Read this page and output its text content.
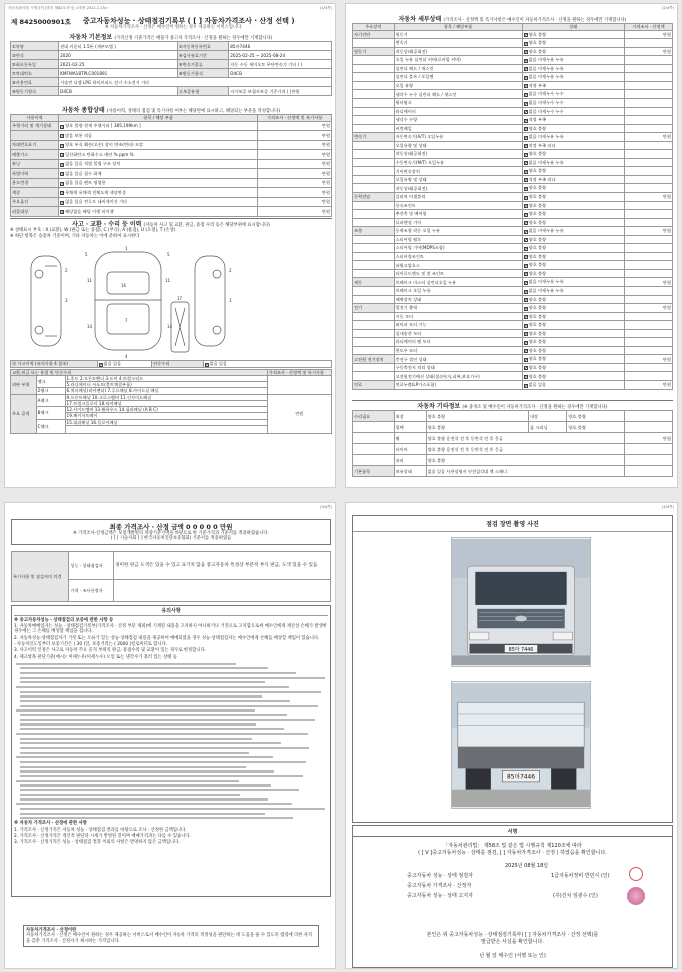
자동차관리법 시행규칙 [별지 제82호서식] <개정 2021.1.15>	(1/4쪽)
제 8425000901호 중고자동차성능 · 상태점검기록부 ( [ ] 자동차가격조사 · 산정 선택 )
※ 자동차가격조사 · 산정은 매수인이 원하는 경우 제공하는 서비스입니다.
자동차 기본정보 (가격산정 기준가격은 매물가 중고차 가격조사 · 산정을 원하는 경우에만 기재합니다)
①차명	현대 카운티 1.5톤 (세부모델 )	②자동차등록번호	85마7446
③연식	2020	④검사유효기간	2025-02-25 ~ 2025-08-24
⑤최초등록일	2021-02-25	⑥변속기종류	자동 수동 세미오토 무단변속기 기타 ( )
⑦차대번호	KMFWA18TPLC001891	⑧원동기형식	D4CB
⑨사용연료	가솔린 디젤 LPG 하이브리드 전기 수소전기 기타		
⑩원동기형식	D4CB	⑪보증유형	자가보증 보험사보증 기준가격 ( )만원
자동차 종합상태 (사용이력, 상태의 점검 및 특기사항 여부는 해당란에 표시하고, 해당되는 부분을 작성합니다)
사용이력	항목 / 해당 부품	가격조사 · 산정액 및 특기사항
주행거리 및 계기상태	✔양호 불량 현재 주행거리 [ 385,199km ]	만원
	✔많음 보통 적음	만원
차대번호표기	✔양호 부식 훼손(오손) 상이 변조(변타) 도말	만원
배출가스	✔일산화탄소 탄화수소 매연 % ppm %	만원
튜닝	✔없음 있음 적법 불법 구조 장치	만원
특별이력	✔없음 있음 침수 화재	만원
용도변경	✔없음 있음 렌트 영업용	만원
색상	✔무채색 유채색 전체도색 색상변경	만원
주요옵션	✔없음 있음 썬루프 네비게이션 기타	만원
리콜대상	✔해당없음 해당 이행 미이행	만원
사고 · 교환 · 수리 등 이력 (자동차 사고 및 교환, 판금, 용접 수리 등은 해당부위에 표시합니다)
※ 상태표시 부호 : X (교환), W (판금 또는 용접), C (부식), A (흠집), U (요철), T (손상)
※ 하단 항목은 승용차 기준이며, 기타 자동차는 이에 준하여 표시한다
1
5
5
16
7
11	11
4
14	14
2
3
2
3
17
⑱ 사고이력 (유의사항 4 참조)	✔없음 있음	단순수리	✔없음 있음
교환,판금 또는 용접 및 단순수리			가격조사 · 산정액 및 특기사항
외판 부위	랭크	1.후드 2.프론트펜더 3.도어 4.트렁크리드	
		5.라디에이터 서포트(볼트체결부품)	
	2랭크	6.쿼터패널(리어펜더) 7.루프패널 8.사이드실 패널	
주요 골격	A랭크	9.프론트패널 10.크로스멤버 11.인사이드패널	만원
		17.트렁크플로어 18.리어패널	
	B랭크	12.사이드멤버 13.휠하우스 14.필러패널 (A B C)	
		19.패키지트레이	
	C랭크	15.대쉬패널 16.플로어패널	

(2/4쪽)
자동차 세부상태 (가격조사 · 산정액 및 특기사항은 매수인이 자동차가격조사 · 산정을 원하는 경우에만 기재합니다)
주요장치	항목 / 해당부품	상태	가격조사 · 산정액
자기진단	원동기	✔양호 불량	만원
	변속기	✔양호 불량	
원동기	작동상태(공회전)	✔양호 불량	만원
	오일 누유 실린더 커버(로커암 커버)	✔없음 미세누유 누유	
	실린더 헤드 / 개스킷	✔없음 미세누유 누유	
	실린더 블록 / 오일팬	✔없음 미세누유 누유	
	오일 유량	✔적정 부족	
	냉각수 누수 실린더 헤드 / 개스킷	✔없음 미세누수 누수	
	워터펌프	✔없음 미세누수 누수	
	라디에이터	✔없음 미세누수 누수	
	냉각수 수량	✔적정 부족	
	커먼레일	✔양호 불량	
변속기	자동변속기(A/T) 오일누유	✔없음 미세누유 누유	만원
	오일유량 및 상태	✔적정 부족 과다	
	작동상태(공회전)	✔양호 불량	
	수동변속기(M/T) 오일누유	✔없음 미세누유 누유	
	기어변속장치	✔양호 불량	
	오일유량 및 상태	✔적정 부족 과다	
	작동상태(공회전)	✔양호 불량	
동력전달	클러치 어셈블리	✔양호 불량	만원
	등속조인트	✔양호 불량	
	추진축 및 베어링	✔양호 불량	
	디퍼렌셜 기어	✔양호 불량	
조향	동력조향 작동 오일 누유	✔없음 미세누유 누유	만원
	스티어링 펌프	✔양호 불량	
	스티어링 기어(MDPS포함)	✔양호 불량	
	스티어링조인트	✔양호 불량	
	파워고압호스	✔양호 불량	
	타이로드엔드 및 볼 조인트	✔양호 불량	
제동	브레이크 마스터 실린더오일 누유	✔없음 미세누유 누유	만원
	브레이크 오일 누유	✔없음 미세누유 누유	
	배력장치 상태	✔양호 불량	
전기	발전기 출력	✔양호 불량	만원
	시동 모터	✔양호 불량	
	와이퍼 모터 기능	✔양호 불량	
	실내송풍 모터	✔양호 불량	
	라디에이터 팬 모터	✔양호 불량	
	윈도우 모터	✔양호 불량	
고전원 전기장치	충전구 절연 상태	✔양호 불량	만원
	구동축전지 격리 상태	✔양호 불량	
	고전원전기배선 상태(접속단자,피복,보호기구)	✔양호 불량	
연료	연료누출(LP가스포함)	✔없음 있음	만원
자동차 기타정보 (※ 중개소 및 매수인이 자동차가격조사 · 산정을 원하는 경우에만 기재합니다)
수리필요	외장	양호 불량	내장	양호 불량	
	광택	양호 불량	룸 크리닝	양호 불량	
	휠	양호 불량 운전석 전 후 동반석 전 후 응급			만원
	타이어	양호 불량 운전석 전 후 동반석 전 후 응급			
	유리	양호 불량			
기본품목	보유상태	없음 있음 사용설명서 안전삼각대 잭 스패너			
(3/4쪽)
최종 가격조사 · 산정 금액 0 0 0 0 0 만원
※ 가격조사·산정금액은 보험개발원의 차량기준가액을 바탕으로 한 기준가격과 기준서를 적용하였습니다.
( [ ] 기술사회 [ ] 한국자동차진단보증협회) 기준서를 적용하였음
특기사항 및 점검자의 의견	성능 · 상태점검자	경미한 판금 도색은 있을 수 있고 표기치 않음 중고자동차 특성상 부분적 부식 판금, 도색 있을 수 있음
	가격 · 조사산정자	
유의사항
※ 중고자동차성능 · 상태점검의 보증에 관한 사항 등
1. 자동차매매업자는 성능 · 상태점검기록부(가격조사 · 산정 부분 제외)에 기재된 내용을 고지하지 아니하거나 거짓으로 고지함으로써 매수인에게 재산상 손해가 발생한 경우에는 그 손해를 배상할 책임을 집니다.
2. 자동차성능·상태점검자가 거짓 또는 오류가 있는 성능·상태점검 내용을 제공하여 매매되었을 경우 성능·상태점검자는 매수인에게 손해를 배상할 책임이 있습니다.
- 자동차인도일부터 보증기간은 ( 30 )일, 보증거리는 ( 2000 )킬로미터로 합니다.
3. 사고이력 인정은 사고로 자동차 주요 골격 부위의 판금, 용접수리 및 교환이 있는 경우로 한정합니다.
4. 체크항목 판단기준(예시): 미세누유(미세누수) 오일 또는 냉각수가 흘러 있는 상태 등
※ 자동차 가격조사 · 산정에 관한 사항
1. 가격조사 · 산정가격은 자동차 성능 · 상태점검 결과를 바탕으로 조사 · 산정한 금액입니다.
2. 가격조사 · 산정가격은 개인적 판단과 시세가 반영된 것이며 매매가격과는 다를 수 있습니다.
3. 가격조사 · 산정가격은 성능 · 상태점검 결과 이외의 사항은 반영하지 않은 금액입니다.
자동차가격조사 · 산정이란
자동차가격조사 · 산정은 매수인이 원하는 경우 제공하는 서비스로서 매수인이 자동차 가격의 적정성을 판단하는 데 도움을 줄 수 있도록 법령에 의한 자격을 갖춘 가격조사 · 산정자가 제시하는 가격입니다.
(4/4쪽)
점검 장면 촬영 사진
85마 7446
85마7446
서명
「자동차관리법」 제58조 및 같은 법 시행규칙 제120조에 따라
( [ V ]중고자동차성능 · 상태를 점검, [ ] 자동차가격조사 · 산정 ) 하였음을 확인합니다.
2025년 08월 18일
중고자동차 성능 · 상태 점검자	1급자동차정비 반민식 (인)
중고자동차 가격조사 · 산정자
중고자동차 성능 · 상태 고지자	(주)진치 임광수 (인)
본인은 위 중고자동차성능 · 상태점검기록부( [ ] 자동차가격조사 · 산정 선택)를
발급받은 사실을 확인합니다.
년 월 일 매수인 (서명 또는 인)
